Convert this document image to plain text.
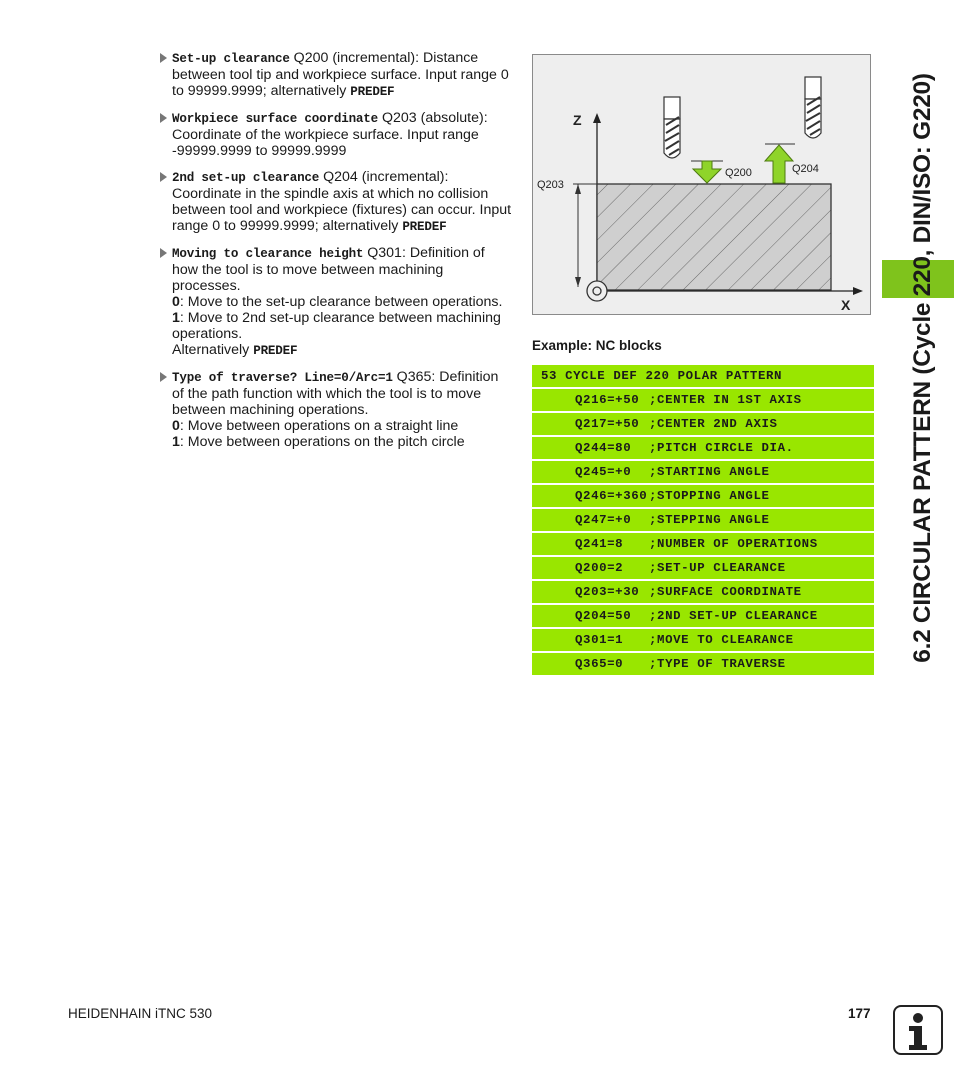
Set-up clearance Q200 (incremental): Distance between tool tip and workpiece surface. Input range 0 to 99999.9999; alternatively PREDEF
Workpiece surface coordinate Q203 (absolute): Coordinate of the workpiece surface. Input range -99999.9999 to 99999.9999
2nd set-up clearance Q204 (incremental): Coordinate in the spindle axis at which no collision between tool and workpiece (fixtures) can occur. Input range 0 to 99999.9999; alternatively PREDEF
Moving to clearance height Q301: Definition of how the tool is to move between machining processes.
0: Move to the set-up clearance between operations.
1: Move to 2nd set-up clearance between machining operations.
Alternatively PREDEF
Type of traverse? Line=0/Arc=1 Q365: Definition of the path function with which the tool is to move between machining operations.
0: Move between operations on a straight line
1: Move between operations on the pitch circle
Z
X
Q203
Q200	Q204
Example: NC blocks
53 CYCLE DEF 220 POLAR PATTERN
Q216=+50 ;CENTER IN 1ST AXIS
Q217=+50 ;CENTER 2ND AXIS
Q244=80	;PITCH CIRCLE DIA.
Q245=+0	;STARTING ANGLE
Q246=+360 ;STOPPING ANGLE
Q247=+0	;STEPPING ANGLE
Q241=8	;NUMBER OF OPERATIONS
Q200=2	;SET-UP CLEARANCE
Q203=+30 ;SURFACE COORDINATE
Q204=50	;2ND SET-UP CLEARANCE
Q301=1	;MOVE TO CLEARANCE
Q365=0	;TYPE OF TRAVERSE
6.2 CIRCULAR PATTERN (Cycle 220, DIN/ISO: G220)
HEIDENHAIN iTNC 530	177
